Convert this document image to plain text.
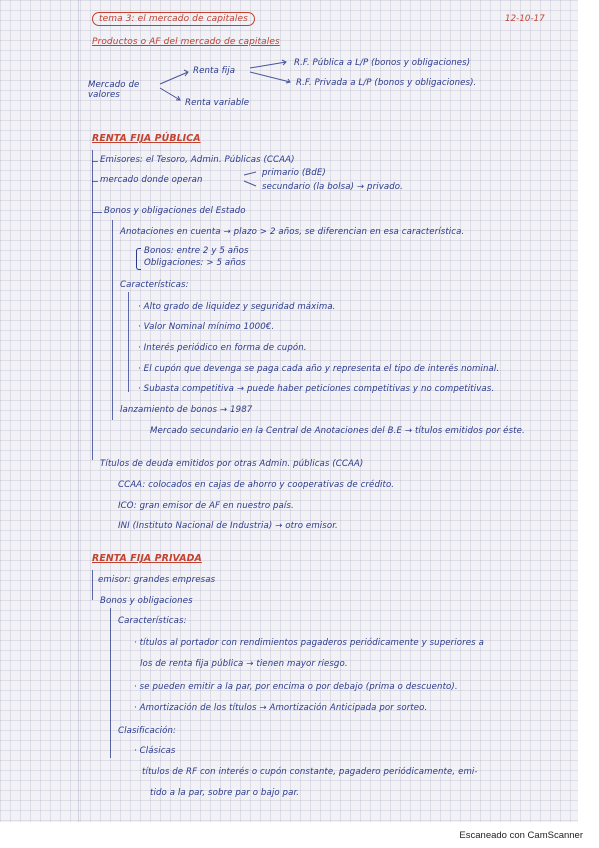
tema 3: el mercado de capitales	12-10-17
Productos o AF del mercado de capitales
Mercado de valores
Renta fija
Renta variable
R.F. Pública a L/P (bonos y obligaciones)
R.F. Privada a L/P (bonos y obligaciones).
RENTA FIJA PÚBLICA
Emisores: el Tesoro, Admin. Públicas (CCAA)
mercado donde operan
primario (BdE)
secundario (la bolsa) → privado.
Bonos y obligaciones del Estado
Anotaciones en cuenta → plazo > 2 años, se diferencian en esa característica.
Bonos: entre 2 y 5 años
Obligaciones: > 5 años
Características:
· Alto grado de liquidez y seguridad máxima.
· Valor Nominal mínimo 1000€.
· Interés periódico en forma de cupón.
· El cupón que devenga se paga cada año y representa el tipo de interés nominal.
· Subasta competitiva → puede haber peticiones competitivas y no competitivas.
lanzamiento de bonos → 1987
Mercado secundario en la Central de Anotaciones del B.E → títulos emitidos por éste.
Títulos de deuda emitidos por otras Admin. públicas (CCAA)
CCAA: colocados en cajas de ahorro y cooperativas de crédito.
ICO: gran emisor de AF en nuestro país.
INI (Instituto Nacional de Industria) → otro emisor.
RENTA FIJA PRIVADA
emisor: grandes empresas
Bonos y obligaciones
Características:
· títulos al portador con rendimientos pagaderos periódicamente y superiores a
los de renta fija pública → tienen mayor riesgo.
· se pueden emitir a la par, por encima o por debajo (prima o descuento).
· Amortización de los títulos → Amortización Anticipada por sorteo.
Clasificación:
· Clásicas
títulos de RF con interés o cupón constante, pagadero periódicamente, emi-
tido a la par, sobre par o bajo par.
Escaneado con CamScanner
